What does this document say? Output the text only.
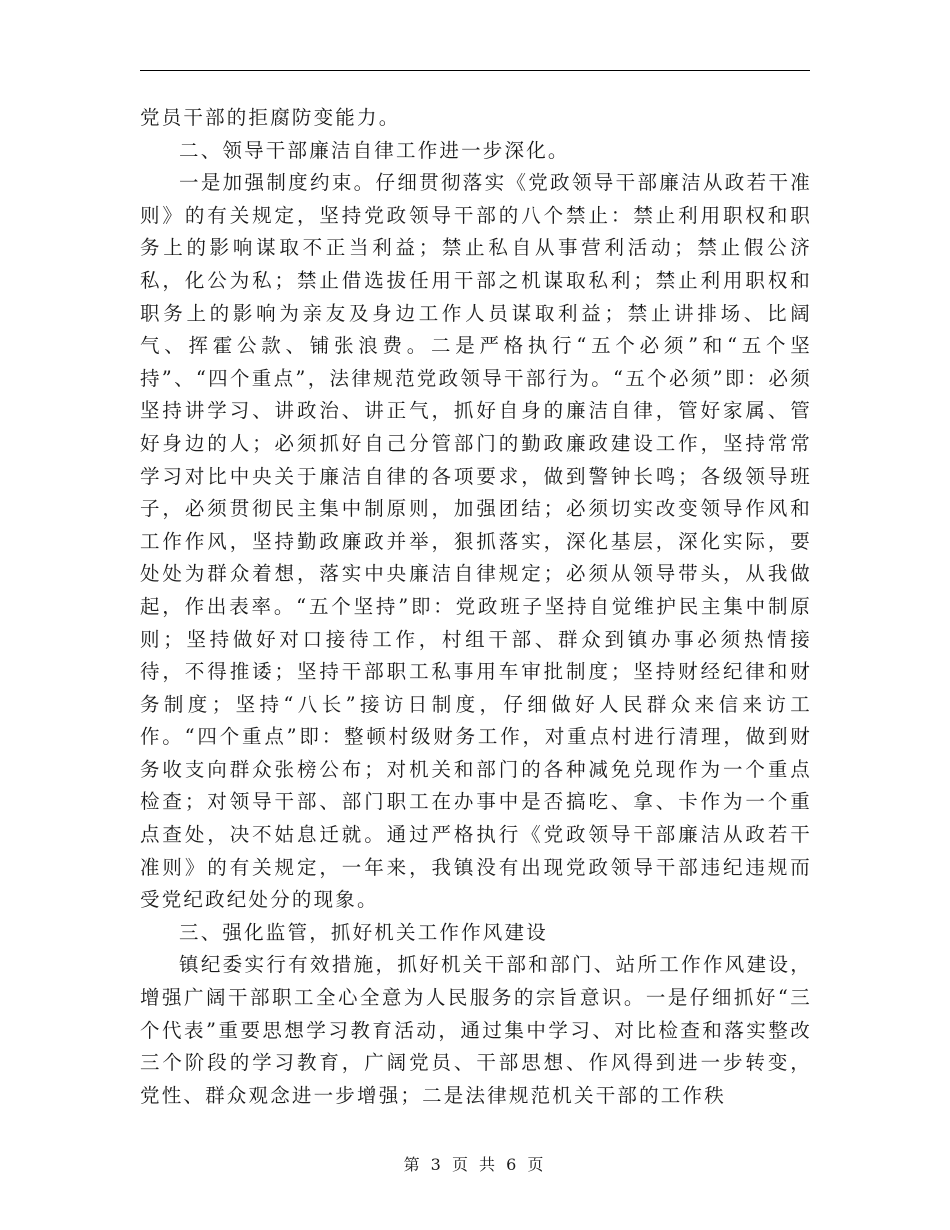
党员干部的拒腐防变能力。

二、领导干部廉洁自律工作进一步深化。

一是加强制度约束。仔细贯彻落实《党政领导干部廉洁从政若干准则》的有关规定，坚持党政领导干部的八个禁止：禁止利用职权和职务上的影响谋取不正当利益；禁止私自从事营利活动；禁止假公济私，化公为私；禁止借选拔任用干部之机谋取私利；禁止利用职权和职务上的影响为亲友及身边工作人员谋取利益；禁止讲排场、比阔气、挥霍公款、铺张浪费。二是严格执行“五个必须”和“五个坚持”、“四个重点”，法律规范党政领导干部行为。“五个必须”即：必须坚持讲学习、讲政治、讲正气，抓好自身的廉洁自律，管好家属、管好身边的人；必须抓好自己分管部门的勤政廉政建设工作，坚持常常学习对比中央关于廉洁自律的各项要求，做到警钟长鸣；各级领导班子，必须贯彻民主集中制原则，加强团结；必须切实改变领导作风和工作作风，坚持勤政廉政并举，狠抓落实，深化基层，深化实际，要处处为群众着想，落实中央廉洁自律规定；必须从领导带头，从我做起，作出表率。“五个坚持”即：党政班子坚持自觉维护民主集中制原则；坚持做好对口接待工作，村组干部、群众到镇办事必须热情接待，不得推诿；坚持干部职工私事用车审批制度；坚持财经纪律和财务制度；坚持“八长”接访日制度，仔细做好人民群众来信来访工作。“四个重点”即：整顿村级财务工作，对重点村进行清理，做到财务收支向群众张榜公布；对机关和部门的各种减免兑现作为一个重点检查；对领导干部、部门职工在办事中是否搞吃、拿、卡作为一个重点查处，决不姑息迁就。通过严格执行《党政领导干部廉洁从政若干准则》的有关规定，一年来，我镇没有出现党政领导干部违纪违规而受党纪政纪处分的现象。

三、强化监管，抓好机关工作作风建设

镇纪委实行有效措施，抓好机关干部和部门、站所工作作风建设，增强广阔干部职工全心全意为人民服务的宗旨意识。一是仔细抓好“三个代表”重要思想学习教育活动，通过集中学习、对比检查和落实整改三个阶段的学习教育，广阔党员、干部思想、作风得到进一步转变，党性、群众观念进一步增强；二是法律规范机关干部的工作秩

第 3 页 共 6 页
